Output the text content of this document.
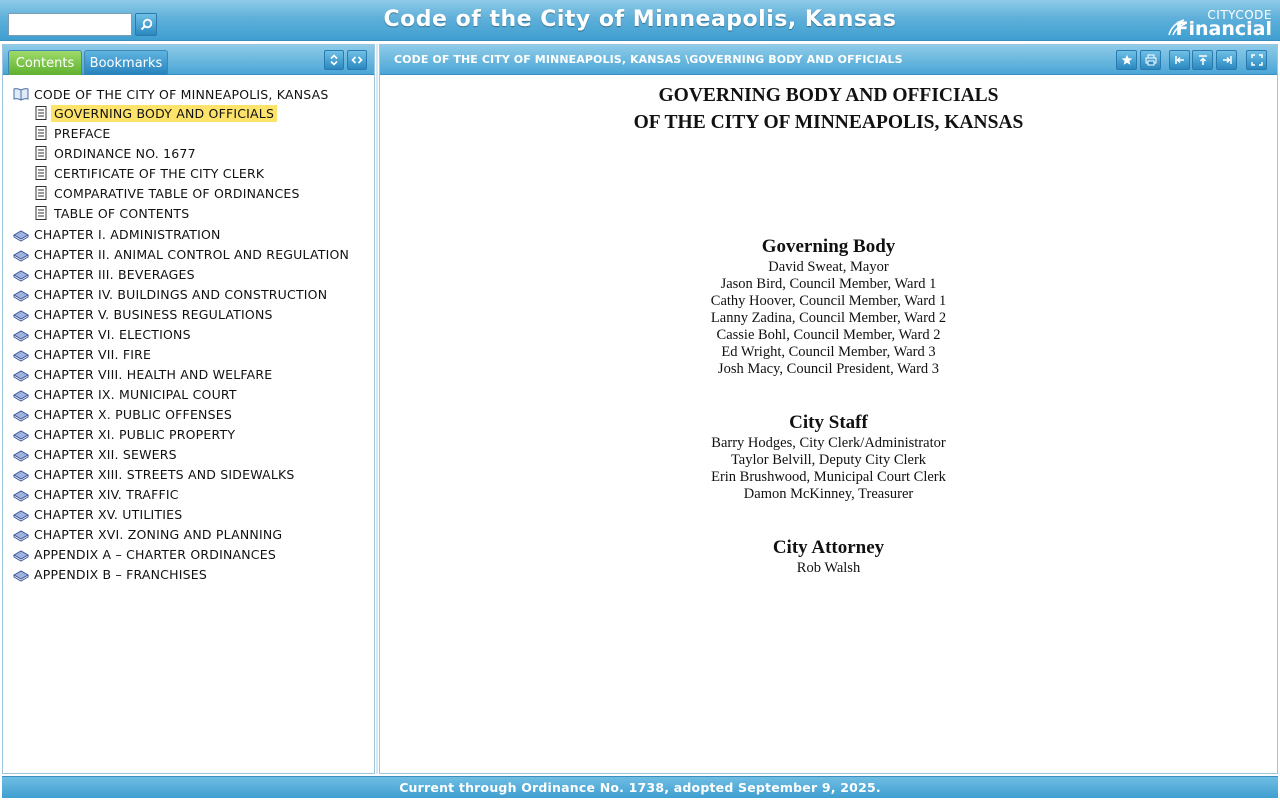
Code of the City of Minneapolis, Kansas	CITYCODE
Financial
Contents	Bookmarks
CODE OF THE CITY OF MINNEAPOLIS, KANSAS
GOVERNING BODY AND OFFICIALS
PREFACE
ORDINANCE NO. 1677
CERTIFICATE OF THE CITY CLERK
COMPARATIVE TABLE OF ORDINANCES
TABLE OF CONTENTS
CHAPTER I. ADMINISTRATION
CHAPTER II. ANIMAL CONTROL AND REGULATION
CHAPTER III. BEVERAGES
CHAPTER IV. BUILDINGS AND CONSTRUCTION
CHAPTER V. BUSINESS REGULATIONS
CHAPTER VI. ELECTIONS
CHAPTER VII. FIRE
CHAPTER VIII. HEALTH AND WELFARE
CHAPTER IX. MUNICIPAL COURT
CHAPTER X. PUBLIC OFFENSES
CHAPTER XI. PUBLIC PROPERTY
CHAPTER XII. SEWERS
CHAPTER XIII. STREETS AND SIDEWALKS
CHAPTER XIV. TRAFFIC
CHAPTER XV. UTILITIES
CHAPTER XVI. ZONING AND PLANNING
APPENDIX A – CHARTER ORDINANCES
APPENDIX B – FRANCHISES
CODE OF THE CITY OF MINNEAPOLIS, KANSAS \GOVERNING BODY AND OFFICIALS
GOVERNING BODY AND OFFICIALS
OF THE CITY OF MINNEAPOLIS, KANSAS
Governing Body
David Sweat, Mayor
Jason Bird, Council Member, Ward 1
Cathy Hoover, Council Member, Ward 1
Lanny Zadina, Council Member, Ward 2
Cassie Bohl, Council Member, Ward 2
Ed Wright, Council Member, Ward 3
Josh Macy, Council President, Ward 3
City Staff
Barry Hodges, City Clerk/Administrator
Taylor Belvill, Deputy City Clerk
Erin Brushwood, Municipal Court Clerk
Damon McKinney, Treasurer
City Attorney
Rob Walsh
Current through Ordinance No. 1738, adopted September 9, 2025.
